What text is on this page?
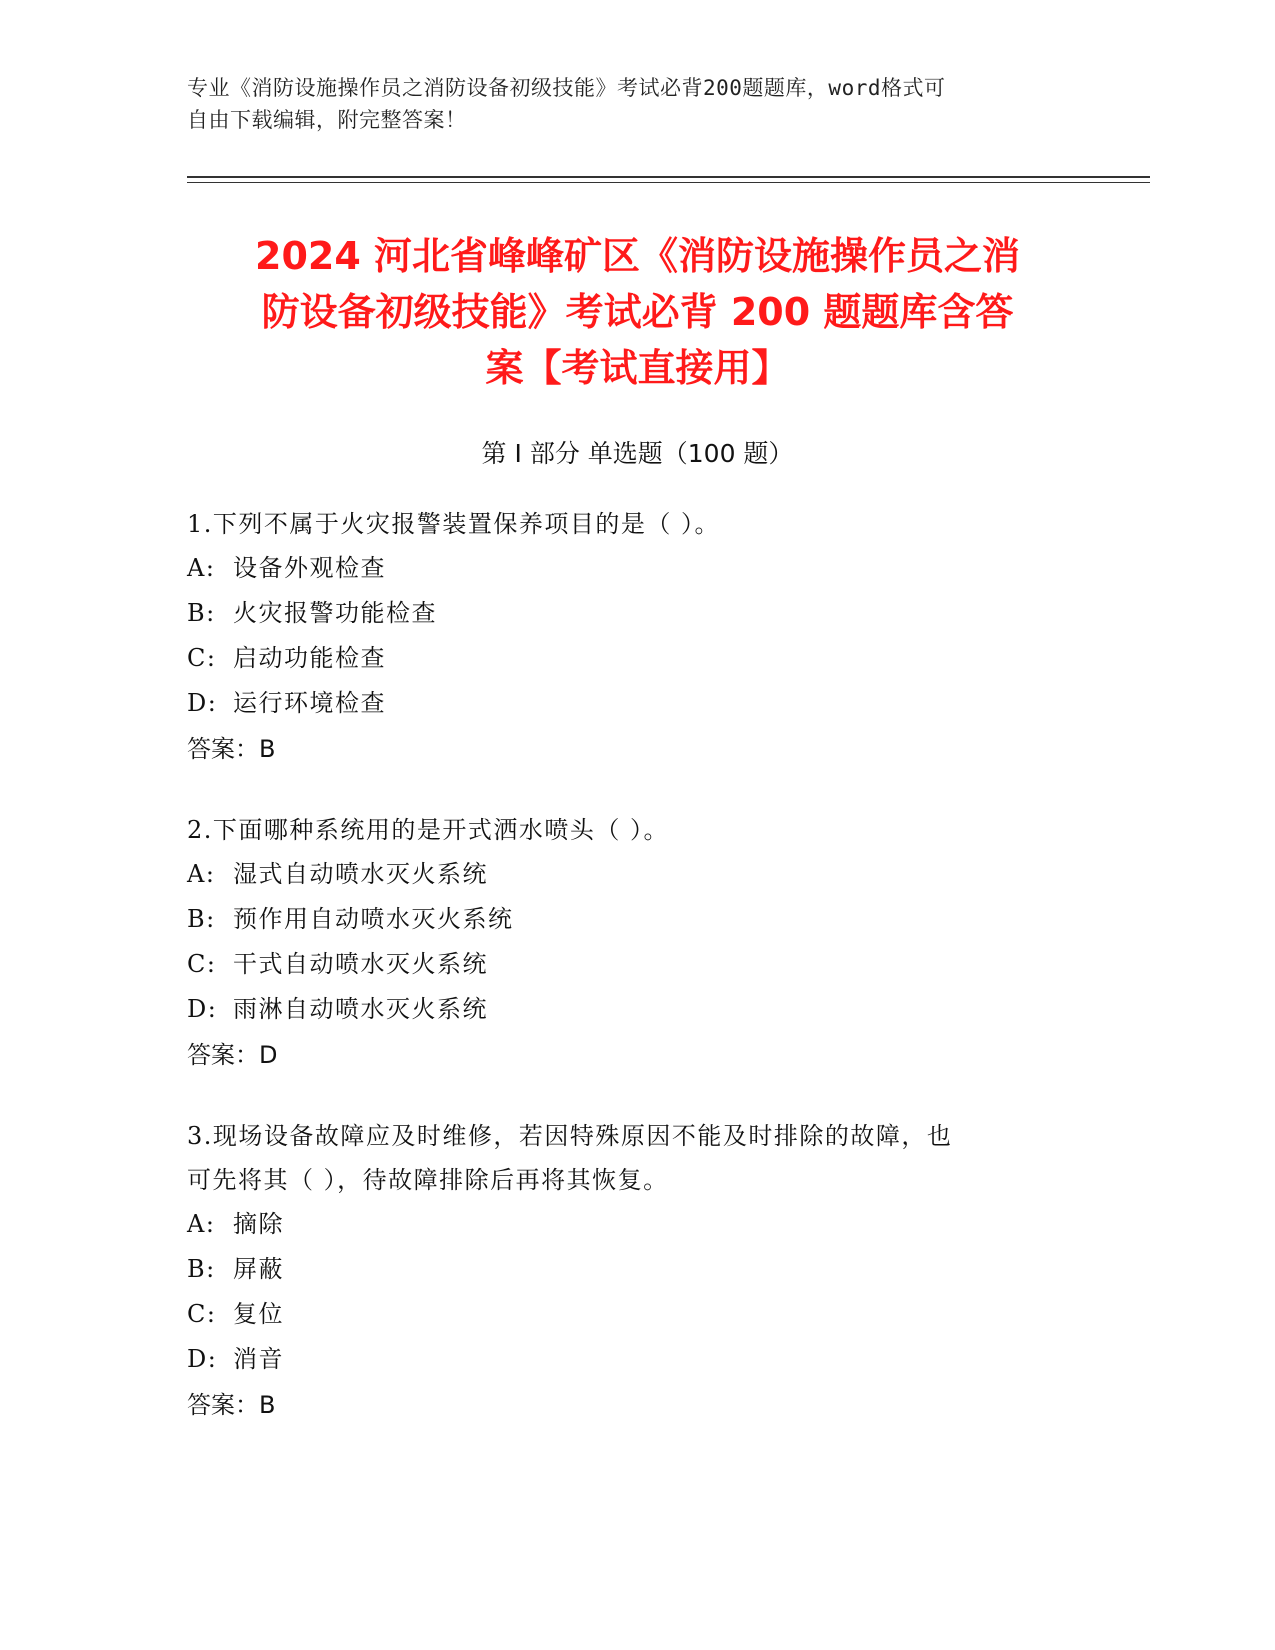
专业《消防设施操作员之消防设备初级技能》考试必背200题题库，word格式可
自由下载编辑，附完整答案！
2024 河北省峰峰矿区《消防设施操作员之消
防设备初级技能》考试必背 200 题题库含答
案【考试直接用】
第 I 部分 单选题（100 题）
1.下列不属于火灾报警装置保养项目的是（ ）。
A: 设备外观检查
B: 火灾报警功能检查
C: 启动功能检查
D: 运行环境检查
答案：B
2.下面哪种系统用的是开式洒水喷头（ ）。
A: 湿式自动喷水灭火系统
B: 预作用自动喷水灭火系统
C: 干式自动喷水灭火系统
D: 雨淋自动喷水灭火系统
答案：D
3.现场设备故障应及时维修，若因特殊原因不能及时排除的故障，也
可先将其（ ），待故障排除后再将其恢复。
A: 摘除
B: 屏蔽
C: 复位
D: 消音
答案：B
